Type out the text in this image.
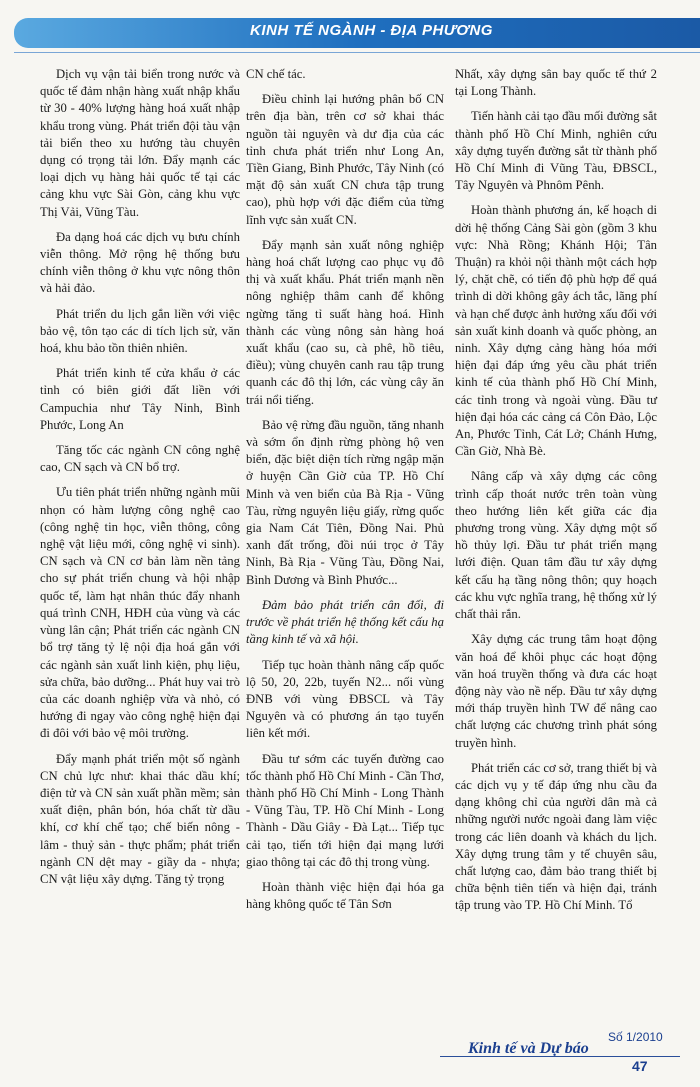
KINH TẾ NGÀNH - ĐỊA PHƯƠNG

Dịch vụ vận tải biển trong nước và quốc tế đảm nhận hàng xuất nhập khẩu từ 30 - 40% lượng hàng hoá xuất nhập khẩu trong vùng. Phát triển đội tàu vận tải biển theo xu hướng tàu chuyên dụng có trọng tải lớn. Đẩy mạnh các loại dịch vụ hàng hải quốc tế tại các cảng khu vực Sài Gòn, cảng khu vực Thị Vải, Vũng Tàu.

Đa dạng hoá các dịch vụ bưu chính viễn thông. Mở rộng hệ thống bưu chính viễn thông ở khu vực nông thôn và hải đảo.

Phát triển du lịch gắn liền với việc bảo vệ, tôn tạo các di tích lịch sử, văn hoá, khu bảo tồn thiên nhiên.

Phát triển kinh tế cửa khẩu ở các tỉnh có biên giới đất liền với Campuchia như Tây Ninh, Bình Phước, Long An

Tăng tốc các ngành CN công nghệ cao, CN sạch và CN bổ trợ.

Ưu tiên phát triển những ngành mũi nhọn có hàm lượng công nghệ cao (công nghệ tin học, viễn thông, công nghệ vật liệu mới, công nghệ vi sinh). CN sạch và CN cơ bản làm nền tảng cho sự phát triển chung và hội nhập quốc tế, làm hạt nhân thúc đẩy nhanh quá trình CNH, HĐH của vùng và các vùng lân cận; Phát triển các ngành CN bổ trợ tăng tỷ lệ nội địa hoá gắn với các ngành sản xuất linh kiện, phụ liệu, sửa chữa, bảo dưỡng... Phát huy vai trò của các doanh nghiệp vừa và nhỏ, có hướng đi ngay vào công nghệ hiện đại đi đôi với bảo vệ môi trường.

Đẩy mạnh phát triển một số ngành CN chủ lực như: khai thác dầu khí; điện tử và CN sản xuất phần mềm; sản xuất điện, phân bón, hóa chất từ dầu khí, cơ khí chế tạo; chế biến nông - lâm - thuỷ sản - thực phẩm; phát triển ngành CN dệt may - giầy da - nhựa; CN vật liệu xây dựng. Tăng tỷ trọng

CN chế tác.

Điều chỉnh lại hướng phân bố CN trên địa bàn, trên cơ sở khai thác nguồn tài nguyên và dư địa của các tỉnh chưa phát triển như Long An, Tiền Giang, Bình Phước, Tây Ninh (có mặt độ sản xuất CN chưa tập trung cao), phù hợp với đặc điểm của từng lĩnh vực sản xuất CN.

Đẩy mạnh sản xuất nông nghiệp hàng hoá chất lượng cao phục vụ đô thị và xuất khẩu. Phát triển mạnh nền nông nghiệp thâm canh để không ngừng tăng tỉ suất hàng hoá. Hình thành các vùng nông sản hàng hoá xuất khẩu (cao su, cà phê, hồ tiêu, điều); vùng chuyên canh rau tập trung quanh các đô thị lớn, các vùng cây ăn trái nổi tiếng.

Bảo vệ rừng đầu nguồn, tăng nhanh và sớm ổn định rừng phòng hộ ven biển, đặc biệt diện tích rừng ngập mặn ở huyện Cần Giờ của TP. Hồ Chí Minh và ven biển của Bà Rịa - Vũng Tàu, rừng nguyên liệu giấy, rừng quốc gia Nam Cát Tiên, Đồng Nai. Phủ xanh đất trống, đồi núi trọc ở Tây Ninh, Bà Rịa - Vũng Tàu, Đồng Nai, Bình Dương và Bình Phước...

Đảm bảo phát triển cân đối, đi trước về phát triển hệ thống kết cấu hạ tầng kinh tế và xã hội.

Tiếp tục hoàn thành nâng cấp quốc lộ 50, 20, 22b, tuyến N2... nối vùng ĐNB với vùng ĐBSCL và Tây Nguyên và có phương án tạo tuyến liên kết mới.

Đầu tư sớm các tuyến đường cao tốc thành phố Hồ Chí Minh - Cần Thơ, thành phố Hồ Chí Minh - Long Thành - Vũng Tàu, TP. Hồ Chí Minh - Long Thành - Dầu Giây - Đà Lạt... Tiếp tục cải tạo, tiến tới hiện đại mạng lưới giao thông tại các đô thị trong vùng.

Hoàn thành việc hiện đại hóa ga hàng không quốc tế Tân Sơn

Nhất, xây dựng sân bay quốc tế thứ 2 tại Long Thành.

Tiến hành cải tạo đầu mối đường sắt thành phố Hồ Chí Minh, nghiên cứu xây dựng tuyến đường sắt từ thành phố Hồ Chí Minh đi Vũng Tàu, ĐBSCL, Tây Nguyên và Phnôm Pênh.

Hoàn thành phương án, kế hoạch di dời hệ thống Cảng Sài gòn (gồm 3 khu vực: Nhà Rồng; Khánh Hội; Tân Thuận) ra khỏi nội thành một cách hợp lý, chặt chẽ, có tiến độ phù hợp để quá trình di dời không gây ách tắc, lãng phí và hạn chế được ảnh hưởng xấu đối với sản xuất kinh doanh và quốc phòng, an ninh. Xây dựng cảng hàng hóa mới hiện đại đáp ứng yêu cầu phát triển kinh tế của thành phố Hồ Chí Minh, các tỉnh trong và ngoài vùng. Đầu tư hiện đại hóa các cảng cá Côn Đảo, Lộc An, Phước Tỉnh, Cát Lở; Chánh Hưng, Cần Giờ, Nhà Bè.

Nâng cấp và xây dựng các công trình cấp thoát nước trên toàn vùng theo hướng liên kết giữa các địa phương trong vùng. Xây dựng một số hồ thủy lợi. Đầu tư phát triển mạng lưới điện. Quan tâm đầu tư xây dựng kết cấu hạ tầng nông thôn; quy hoạch các khu vực nghĩa trang, hệ thống xử lý chất thải rắn.

Xây dựng các trung tâm hoạt động văn hoá để khôi phục các hoạt động văn hoá truyền thống và đưa các hoạt động này vào nề nếp. Đầu tư xây dựng mới tháp truyền hình TW để nâng cao chất lượng các chương trình phát sóng truyền hình.

Phát triển các cơ sở, trang thiết bị và các dịch vụ y tế đáp ứng nhu cầu đa dạng không chỉ của người dân mà cả những người nước ngoài đang làm việc trong các liên doanh và khách du lịch. Xây dựng trung tâm y tế chuyên sâu, chất lượng cao, đảm bảo trang thiết bị chữa bệnh tiên tiến và hiện đại, tránh tập trung vào TP. Hồ Chí Minh. Tổ

Số 1/2010
Kinh tế và Dự báo
47
